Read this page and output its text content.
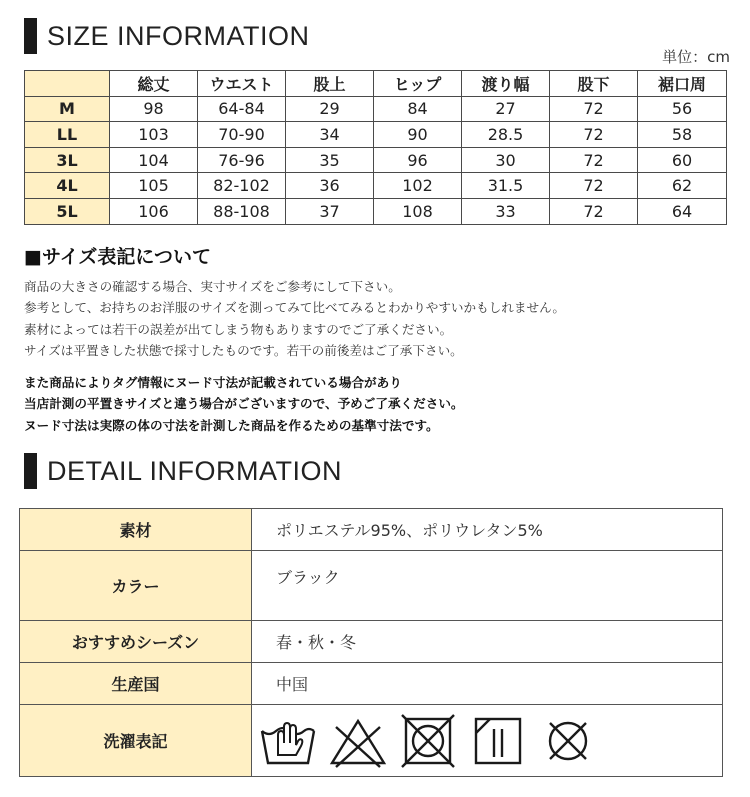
SIZE INFORMATION
単位：cm
	総丈	ウエスト	股上	ヒップ	渡り幅	股下	裾口周
M	98	64-84	29	84	27	72	56
LL	103	70-90	34	90	28.5	72	58
3L	104	76-96	35	96	30	72	60
4L	105	82-102	36	102	31.5	72	62
5L	106	88-108	37	108	33	72	64
■サイズ表記について
商品の大きさの確認する場合、実寸サイズをご参考にして下さい。
参考として、お持ちのお洋服のサイズを測ってみて比べてみるとわかりやすいかもしれません。
素材によっては若干の誤差が出てしまう物もありますのでご了承ください。
サイズは平置きした状態で採寸したものです。若干の前後差はご了承下さい。
また商品によりタグ情報にヌード寸法が記載されている場合があり
当店計測の平置きサイズと違う場合がございますので、予めご了承ください。
ヌード寸法は実際の体の寸法を計測した商品を作るための基準寸法です。
DETAIL INFORMATION
素材	ポリエステル95%、ポリウレタン5%
カラー	ブラック
おすすめシーズン	春・秋・冬
生産国	中国
洗濯表記	
